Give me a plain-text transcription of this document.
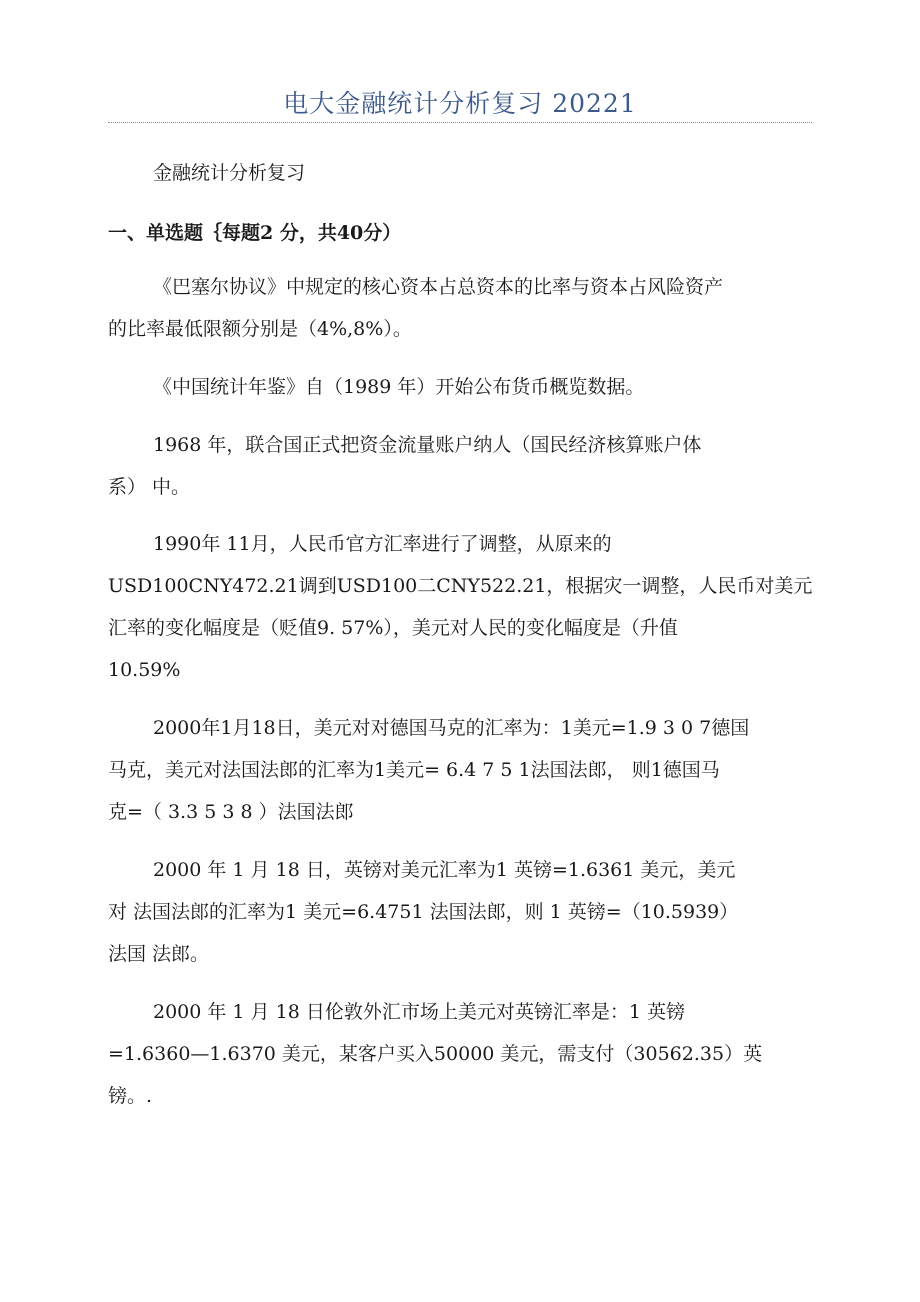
电大金融统计分析复习 20221
金融统计分析复习
一、单选题｛每题2 分，共40分）
《巴塞尔协议》中规定的核心资本占总资本的比率与资本占风险资产
的比率最低限额分别是（4%,8%）。
《中国统计年鉴》自（1989 年）开始公布货币概览数据。
1968 年，联合国正式把资金流量账户纳人（国民经济核算账户体
系） 中。
1990年 11月，人民币官方汇率进行了调整，从原来的
USD100CNY472.21调到USD100二CNY522.21，根据灾一调整，人民币对美元
汇率的变化幅度是（贬值9. 57%），美元对人民的变化幅度是（升值
10.59%
2000年1月18日，美元对对德国马克的汇率为：1美元=1.9 3 0 7德国
马克，美元对法国法郎的汇率为1美元= 6.4 7 5 1法国法郎， 则1德国马
克=（ 3.3 5 3 8 ）法国法郎
2000 年 1 月 18 日，英镑对美元汇率为1 英镑=1.6361 美元，美元
对 法国法郎的汇率为1 美元=6.4751 法国法郎，则 1 英镑=（10.5939）
法国 法郎。
2000 年 1 月 18 日伦敦外汇市场上美元对英镑汇率是：1 英镑
=1.6360—1.6370 美元，某客户买入50000 美元，需支付（30562.35）英
镑。.
